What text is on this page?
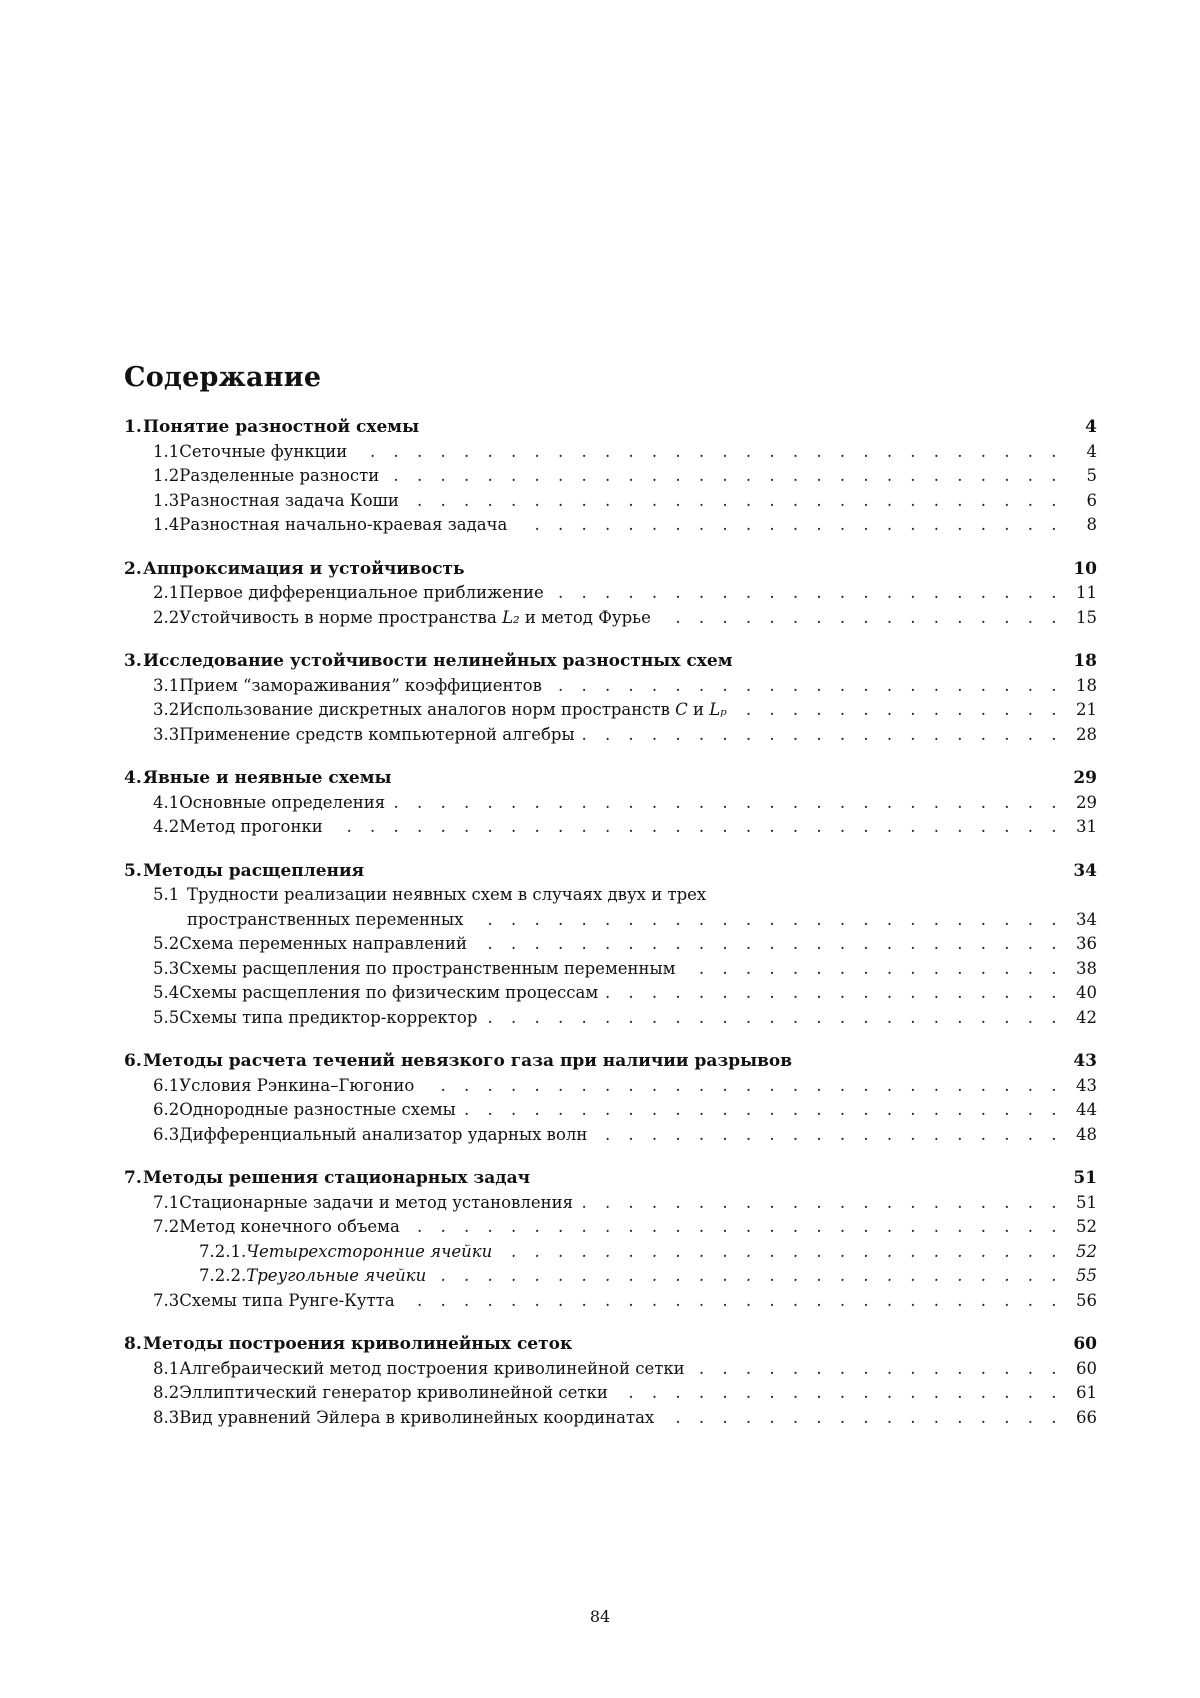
Содержание
1. Понятие разностной схемы	4
1.1 Сеточные функции . . .	4
1.2 Разделенные разности . . .	5
1.3 Разностная задача Коши . . .	6
1.4 Разностная начально-краевая задача . . .	8
2. Аппроксимация и устойчивость	10
2.1 Первое дифференциальное приближение . . .	11
2.2 Устойчивость в норме пространства L₂ и метод Фурье . . .	15
3. Исследование устойчивости нелинейных разностных схем	18
3.1 Прием “замораживания” коэффициентов . . .	18
3.2 Использование дискретных аналогов норм пространств C и Lₚ . . .	21
3.3 Применение средств компьютерной алгебры . . .	28
4. Явные и неявные схемы	29
4.1 Основные определения . . .	29
4.2 Метод прогонки . . .	31
5. Методы расщепления	34
5.1 Трудности реализации неявных схем в случаях двух и трех
пространственных переменных . . .	34
5.2 Схема переменных направлений . . .	36
5.3 Схемы расщепления по пространственным переменным . . .	38
5.4 Схемы расщепления по физическим процессам . . .	40
5.5 Схемы типа предиктор-корректор . . .	42
6. Методы расчета течений невязкого газа при наличии разрывов	43
6.1 Условия Рэнкина–Гюгонио . . .	43
6.2 Однородные разностные схемы . . .	44
6.3 Дифференциальный анализатор ударных волн . . .	48
7. Методы решения стационарных задач	51
7.1 Стационарные задачи и метод установления . . .	51
7.2 Метод конечного объема . . .	52
7.2.1. Четырехсторонние ячейки . . .	52
7.2.2. Треугольные ячейки . . .	55
7.3 Схемы типа Рунге-Кутта . . .	56
8. Методы построения криволинейных сеток	60
8.1 Алгебраический метод построения криволинейной сетки . . .	60
8.2 Эллиптический генератор криволинейной сетки . . .	61
8.3 Вид уравнений Эйлера в криволинейных координатах . . .	66
84
